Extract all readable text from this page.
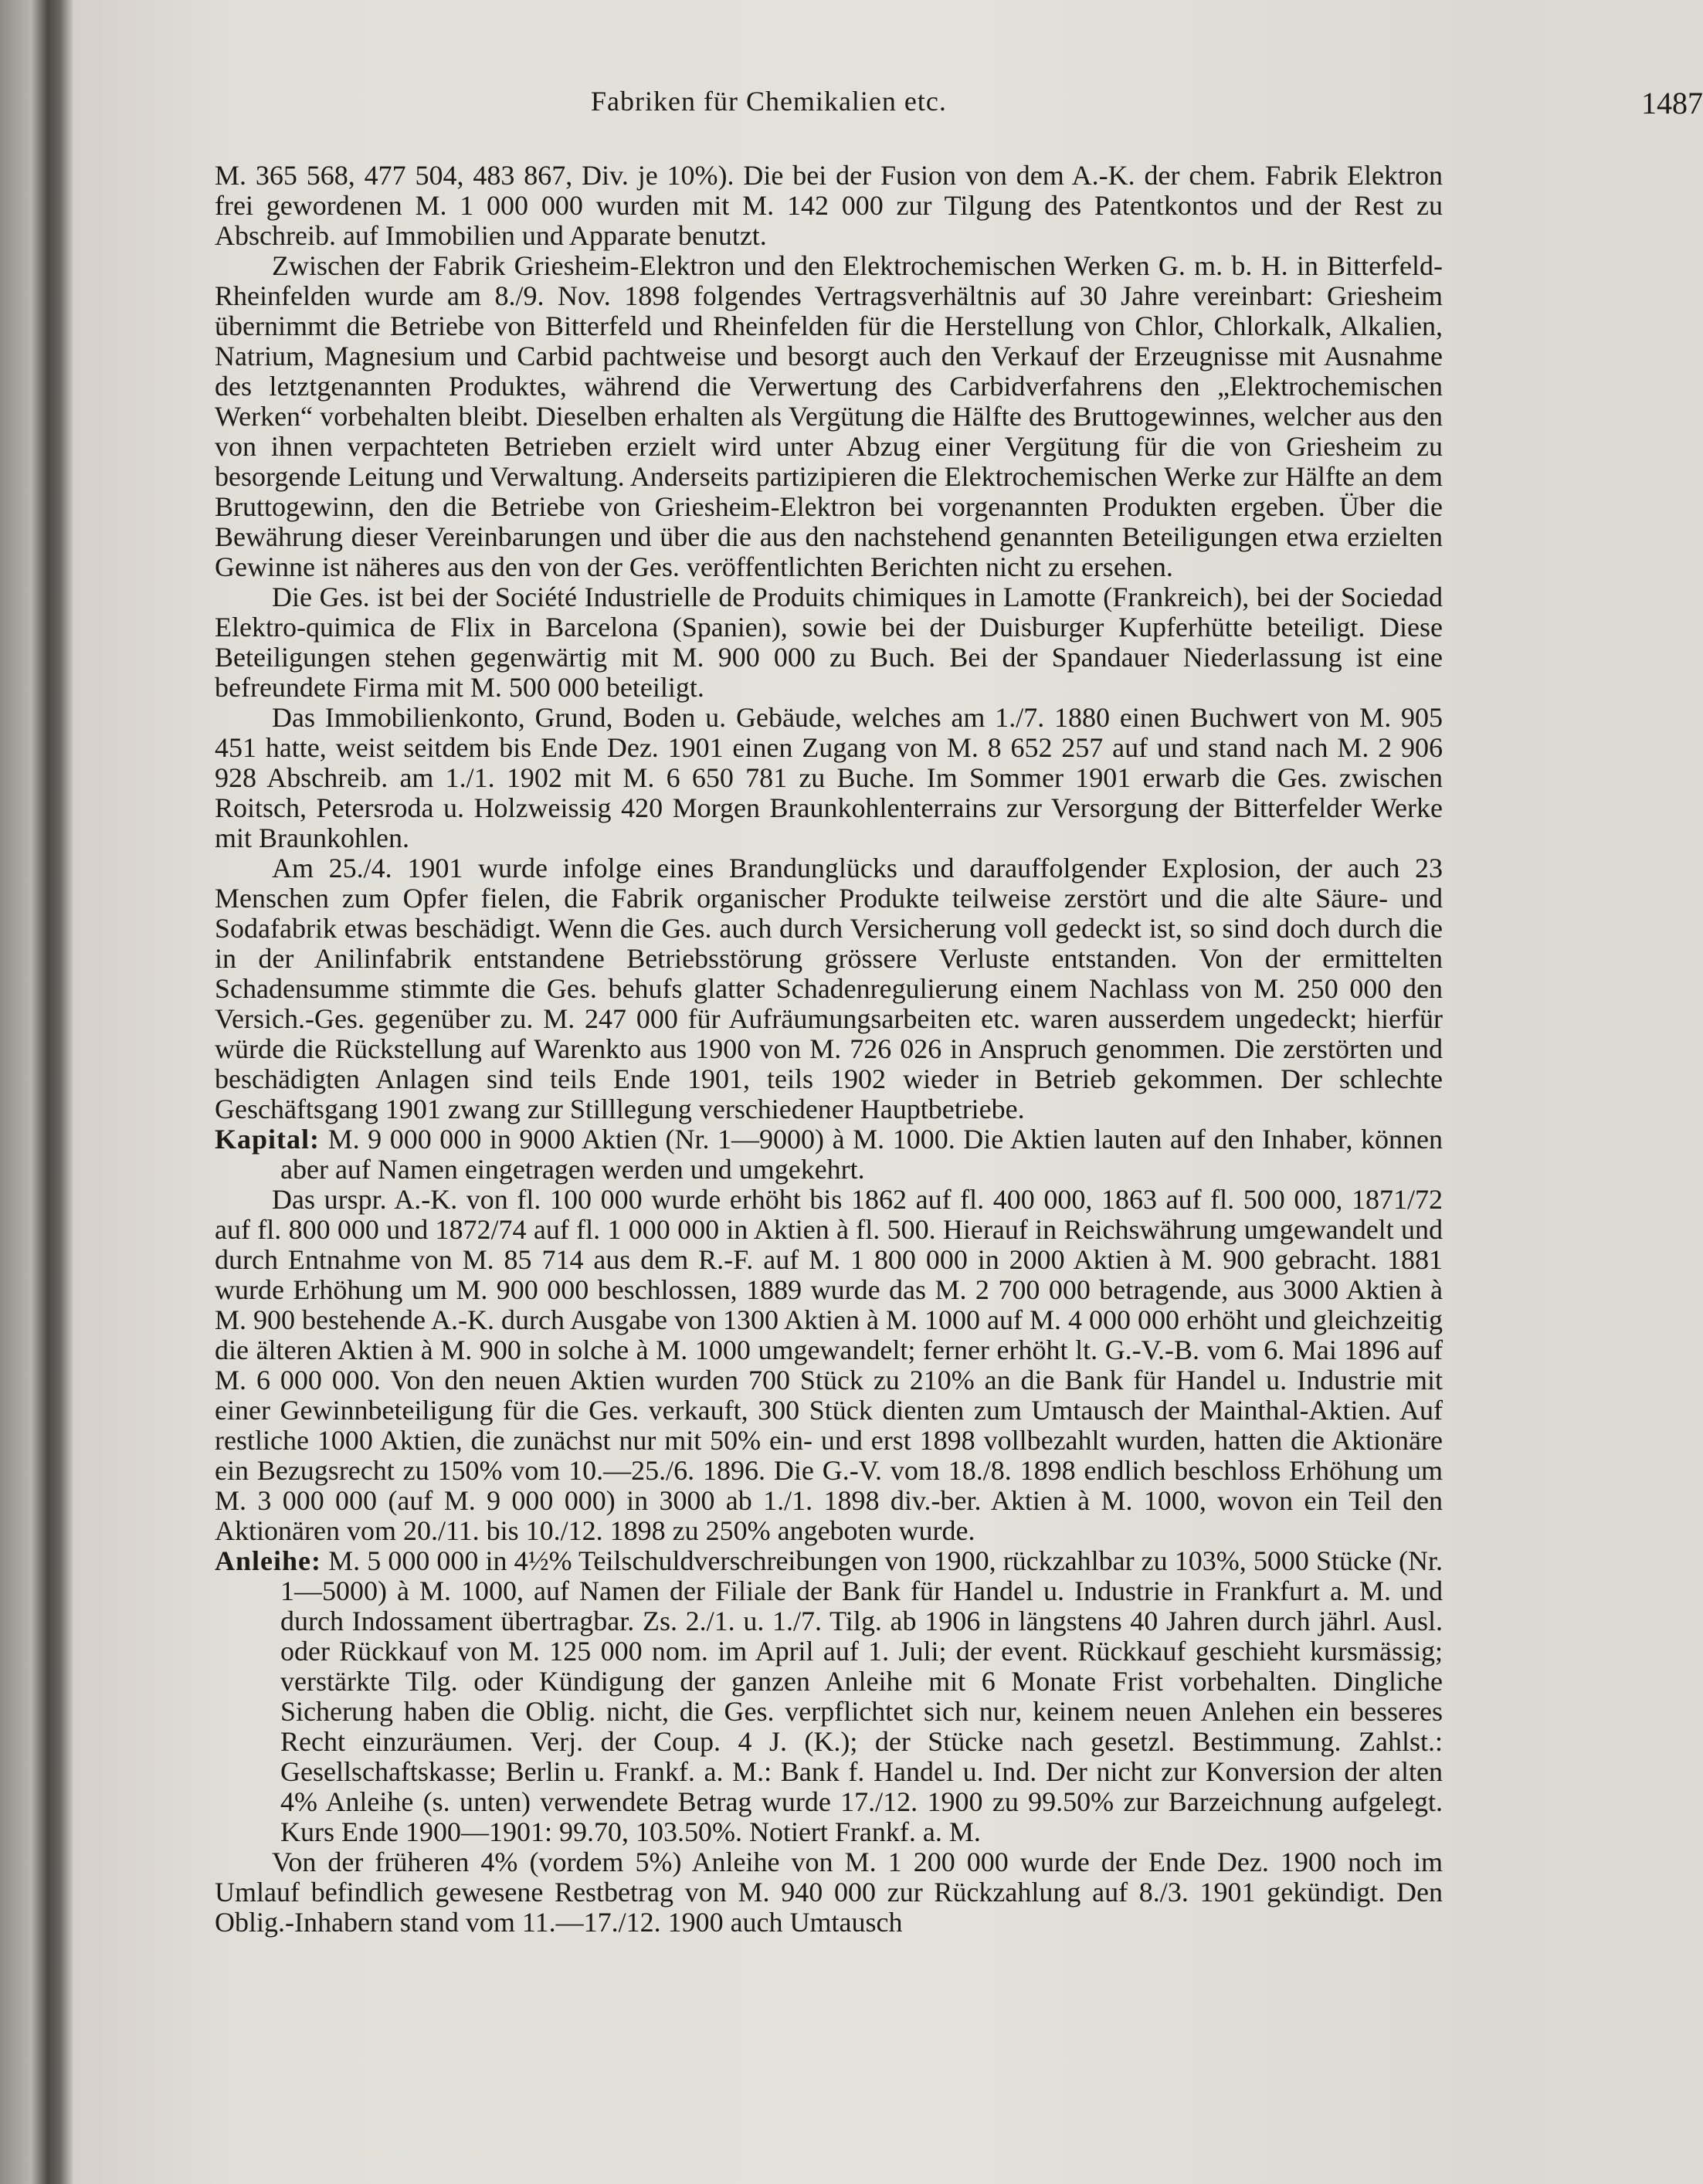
Fabriken für Chemikalien etc.	1487

M. 365 568, 477 504, 483 867, Div. je 10%). Die bei der Fusion von dem A.-K. der chem. Fabrik Elektron frei gewordenen M. 1 000 000 wurden mit M. 142 000 zur Tilgung des Patentkontos und der Rest zu Abschreib. auf Immobilien und Apparate benutzt.

Zwischen der Fabrik Griesheim-Elektron und den Elektrochemischen Werken G. m. b. H. in Bitterfeld-Rheinfelden wurde am 8./9. Nov. 1898 folgendes Vertragsverhältnis auf 30 Jahre vereinbart: Griesheim übernimmt die Betriebe von Bitterfeld und Rheinfelden für die Herstellung von Chlor, Chlorkalk, Alkalien, Natrium, Magnesium und Carbid pachtweise und besorgt auch den Verkauf der Erzeugnisse mit Ausnahme des letztgenannten Produktes, während die Verwertung des Carbidverfahrens den „Elektrochemischen Werken“ vorbehalten bleibt. Dieselben erhalten als Vergütung die Hälfte des Bruttogewinnes, welcher aus den von ihnen verpachteten Betrieben erzielt wird unter Abzug einer Vergütung für die von Griesheim zu besorgende Leitung und Verwaltung. Anderseits partizipieren die Elektrochemischen Werke zur Hälfte an dem Bruttogewinn, den die Betriebe von Griesheim-Elektron bei vorgenannten Produkten ergeben. Über die Bewährung dieser Vereinbarungen und über die aus den nachstehend genannten Beteiligungen etwa erzielten Gewinne ist näheres aus den von der Ges. veröffentlichten Berichten nicht zu ersehen.

Die Ges. ist bei der Société Industrielle de Produits chimiques in Lamotte (Frankreich), bei der Sociedad Elektro-quimica de Flix in Barcelona (Spanien), sowie bei der Duisburger Kupferhütte beteiligt. Diese Beteiligungen stehen gegenwärtig mit M. 900 000 zu Buch. Bei der Spandauer Niederlassung ist eine befreundete Firma mit M. 500 000 beteiligt.

Das Immobilienkonto, Grund, Boden u. Gebäude, welches am 1./7. 1880 einen Buchwert von M. 905 451 hatte, weist seitdem bis Ende Dez. 1901 einen Zugang von M. 8 652 257 auf und stand nach M. 2 906 928 Abschreib. am 1./1. 1902 mit M. 6 650 781 zu Buche. Im Sommer 1901 erwarb die Ges. zwischen Roitsch, Petersroda u. Holzweissig 420 Morgen Braunkohlenterrains zur Versorgung der Bitterfelder Werke mit Braunkohlen.

Am 25./4. 1901 wurde infolge eines Brandunglücks und darauffolgender Explosion, der auch 23 Menschen zum Opfer fielen, die Fabrik organischer Produkte teilweise zerstört und die alte Säure- und Sodafabrik etwas beschädigt. Wenn die Ges. auch durch Versicherung voll gedeckt ist, so sind doch durch die in der Anilinfabrik entstandene Betriebsstörung grössere Verluste entstanden. Von der ermittelten Schadensumme stimmte die Ges. behufs glatter Schadenregulierung einem Nachlass von M. 250 000 den Versich.-Ges. gegenüber zu. M. 247 000 für Aufräumungsarbeiten etc. waren ausserdem ungedeckt; hierfür würde die Rückstellung auf Warenkto aus 1900 von M. 726 026 in Anspruch genommen. Die zerstörten und beschädigten Anlagen sind teils Ende 1901, teils 1902 wieder in Betrieb gekommen. Der schlechte Geschäftsgang 1901 zwang zur Stilllegung verschiedener Hauptbetriebe.

Kapital: M. 9 000 000 in 9000 Aktien (Nr. 1—9000) à M. 1000. Die Aktien lauten auf den Inhaber, können aber auf Namen eingetragen werden und umgekehrt.

Das urspr. A.-K. von fl. 100 000 wurde erhöht bis 1862 auf fl. 400 000, 1863 auf fl. 500 000, 1871/72 auf fl. 800 000 und 1872/74 auf fl. 1 000 000 in Aktien à fl. 500. Hierauf in Reichswährung umgewandelt und durch Entnahme von M. 85 714 aus dem R.-F. auf M. 1 800 000 in 2000 Aktien à M. 900 gebracht. 1881 wurde Erhöhung um M. 900 000 beschlossen, 1889 wurde das M. 2 700 000 betragende, aus 3000 Aktien à M. 900 bestehende A.-K. durch Ausgabe von 1300 Aktien à M. 1000 auf M. 4 000 000 erhöht und gleichzeitig die älteren Aktien à M. 900 in solche à M. 1000 umgewandelt; ferner erhöht lt. G.-V.-B. vom 6. Mai 1896 auf M. 6 000 000. Von den neuen Aktien wurden 700 Stück zu 210% an die Bank für Handel u. Industrie mit einer Gewinnbeteiligung für die Ges. verkauft, 300 Stück dienten zum Umtausch der Mainthal-Aktien. Auf restliche 1000 Aktien, die zunächst nur mit 50% ein- und erst 1898 vollbezahlt wurden, hatten die Aktionäre ein Bezugsrecht zu 150% vom 10.—25./6. 1896. Die G.-V. vom 18./8. 1898 endlich beschloss Erhöhung um M. 3 000 000 (auf M. 9 000 000) in 3000 ab 1./1. 1898 div.-ber. Aktien à M. 1000, wovon ein Teil den Aktionären vom 20./11. bis 10./12. 1898 zu 250% angeboten wurde.

Anleihe: M. 5 000 000 in 4½% Teilschuldverschreibungen von 1900, rückzahlbar zu 103%, 5000 Stücke (Nr. 1—5000) à M. 1000, auf Namen der Filiale der Bank für Handel u. Industrie in Frankfurt a. M. und durch Indossament übertragbar. Zs. 2./1. u. 1./7. Tilg. ab 1906 in längstens 40 Jahren durch jährl. Ausl. oder Rückkauf von M. 125 000 nom. im April auf 1. Juli; der event. Rückkauf geschieht kursmässig; verstärkte Tilg. oder Kündigung der ganzen Anleihe mit 6 Monate Frist vorbehalten. Dingliche Sicherung haben die Oblig. nicht, die Ges. verpflichtet sich nur, keinem neuen Anlehen ein besseres Recht einzuräumen. Verj. der Coup. 4 J. (K.); der Stücke nach gesetzl. Bestimmung. Zahlst.: Gesellschaftskasse; Berlin u. Frankf. a. M.: Bank f. Handel u. Ind. Der nicht zur Konversion der alten 4% Anleihe (s. unten) verwendete Betrag wurde 17./12. 1900 zu 99.50% zur Barzeichnung aufgelegt. Kurs Ende 1900—1901: 99.70, 103.50%. Notiert Frankf. a. M.

Von der früheren 4% (vordem 5%) Anleihe von M. 1 200 000 wurde der Ende Dez. 1900 noch im Umlauf befindlich gewesene Restbetrag von M. 940 000 zur Rückzahlung auf 8./3. 1901 gekündigt. Den Oblig.-Inhabern stand vom 11.—17./12. 1900 auch Umtausch
